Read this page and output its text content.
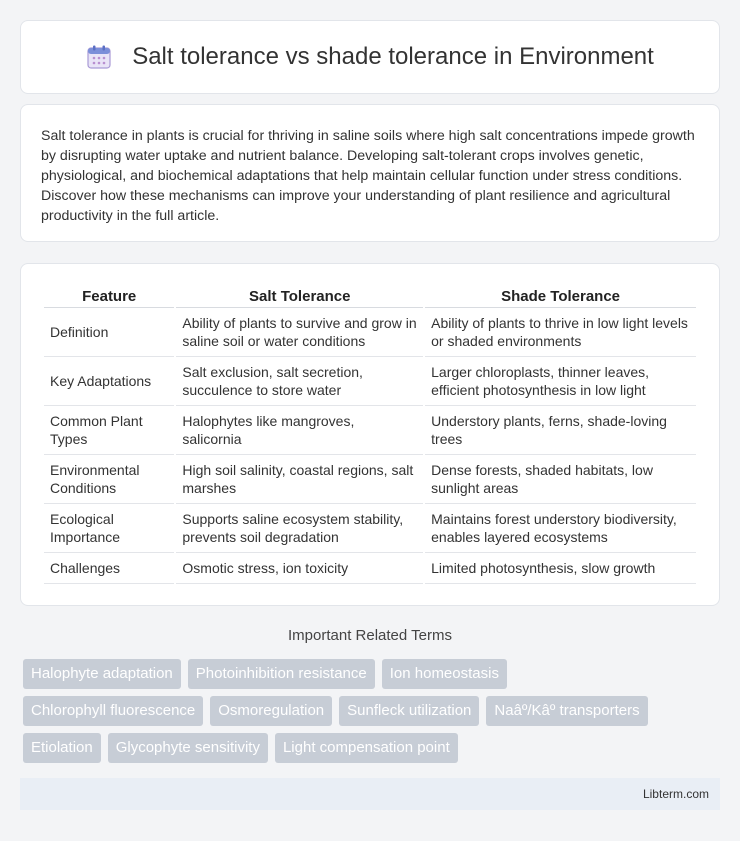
Salt tolerance vs shade tolerance in Environment

Salt tolerance in plants is crucial for thriving in saline soils where high salt concentrations impede growth by disrupting water uptake and nutrient balance. Developing salt-tolerant crops involves genetic, physiological, and biochemical adaptations that help maintain cellular function under stress conditions. Discover how these mechanisms can improve your understanding of plant resilience and agricultural productivity in the full article.

Feature	Salt Tolerance	Shade Tolerance
Definition	Ability of plants to survive and grow in saline soil or water conditions	Ability of plants to thrive in low light levels or shaded environments
Key Adaptations	Salt exclusion, salt secretion, succulence to store water	Larger chloroplasts, thinner leaves, efficient photosynthesis in low light
Common Plant Types	Halophytes like mangroves, salicornia	Understory plants, ferns, shade-loving trees
Environmental Conditions	High soil salinity, coastal regions, salt marshes	Dense forests, shaded habitats, low sunlight areas
Ecological Importance	Supports saline ecosystem stability, prevents soil degradation	Maintains forest understory biodiversity, enables layered ecosystems
Challenges	Osmotic stress, ion toxicity	Limited photosynthesis, slow growth
Important Related Terms
Halophyte adaptation	Photoinhibition resistance	Ion homeostasis
Chlorophyll fluorescence	Osmoregulation	Sunfleck utilization	Naâº/Kâº transporters
Etiolation	Glycophyte sensitivity	Light compensation point
Libterm.com
